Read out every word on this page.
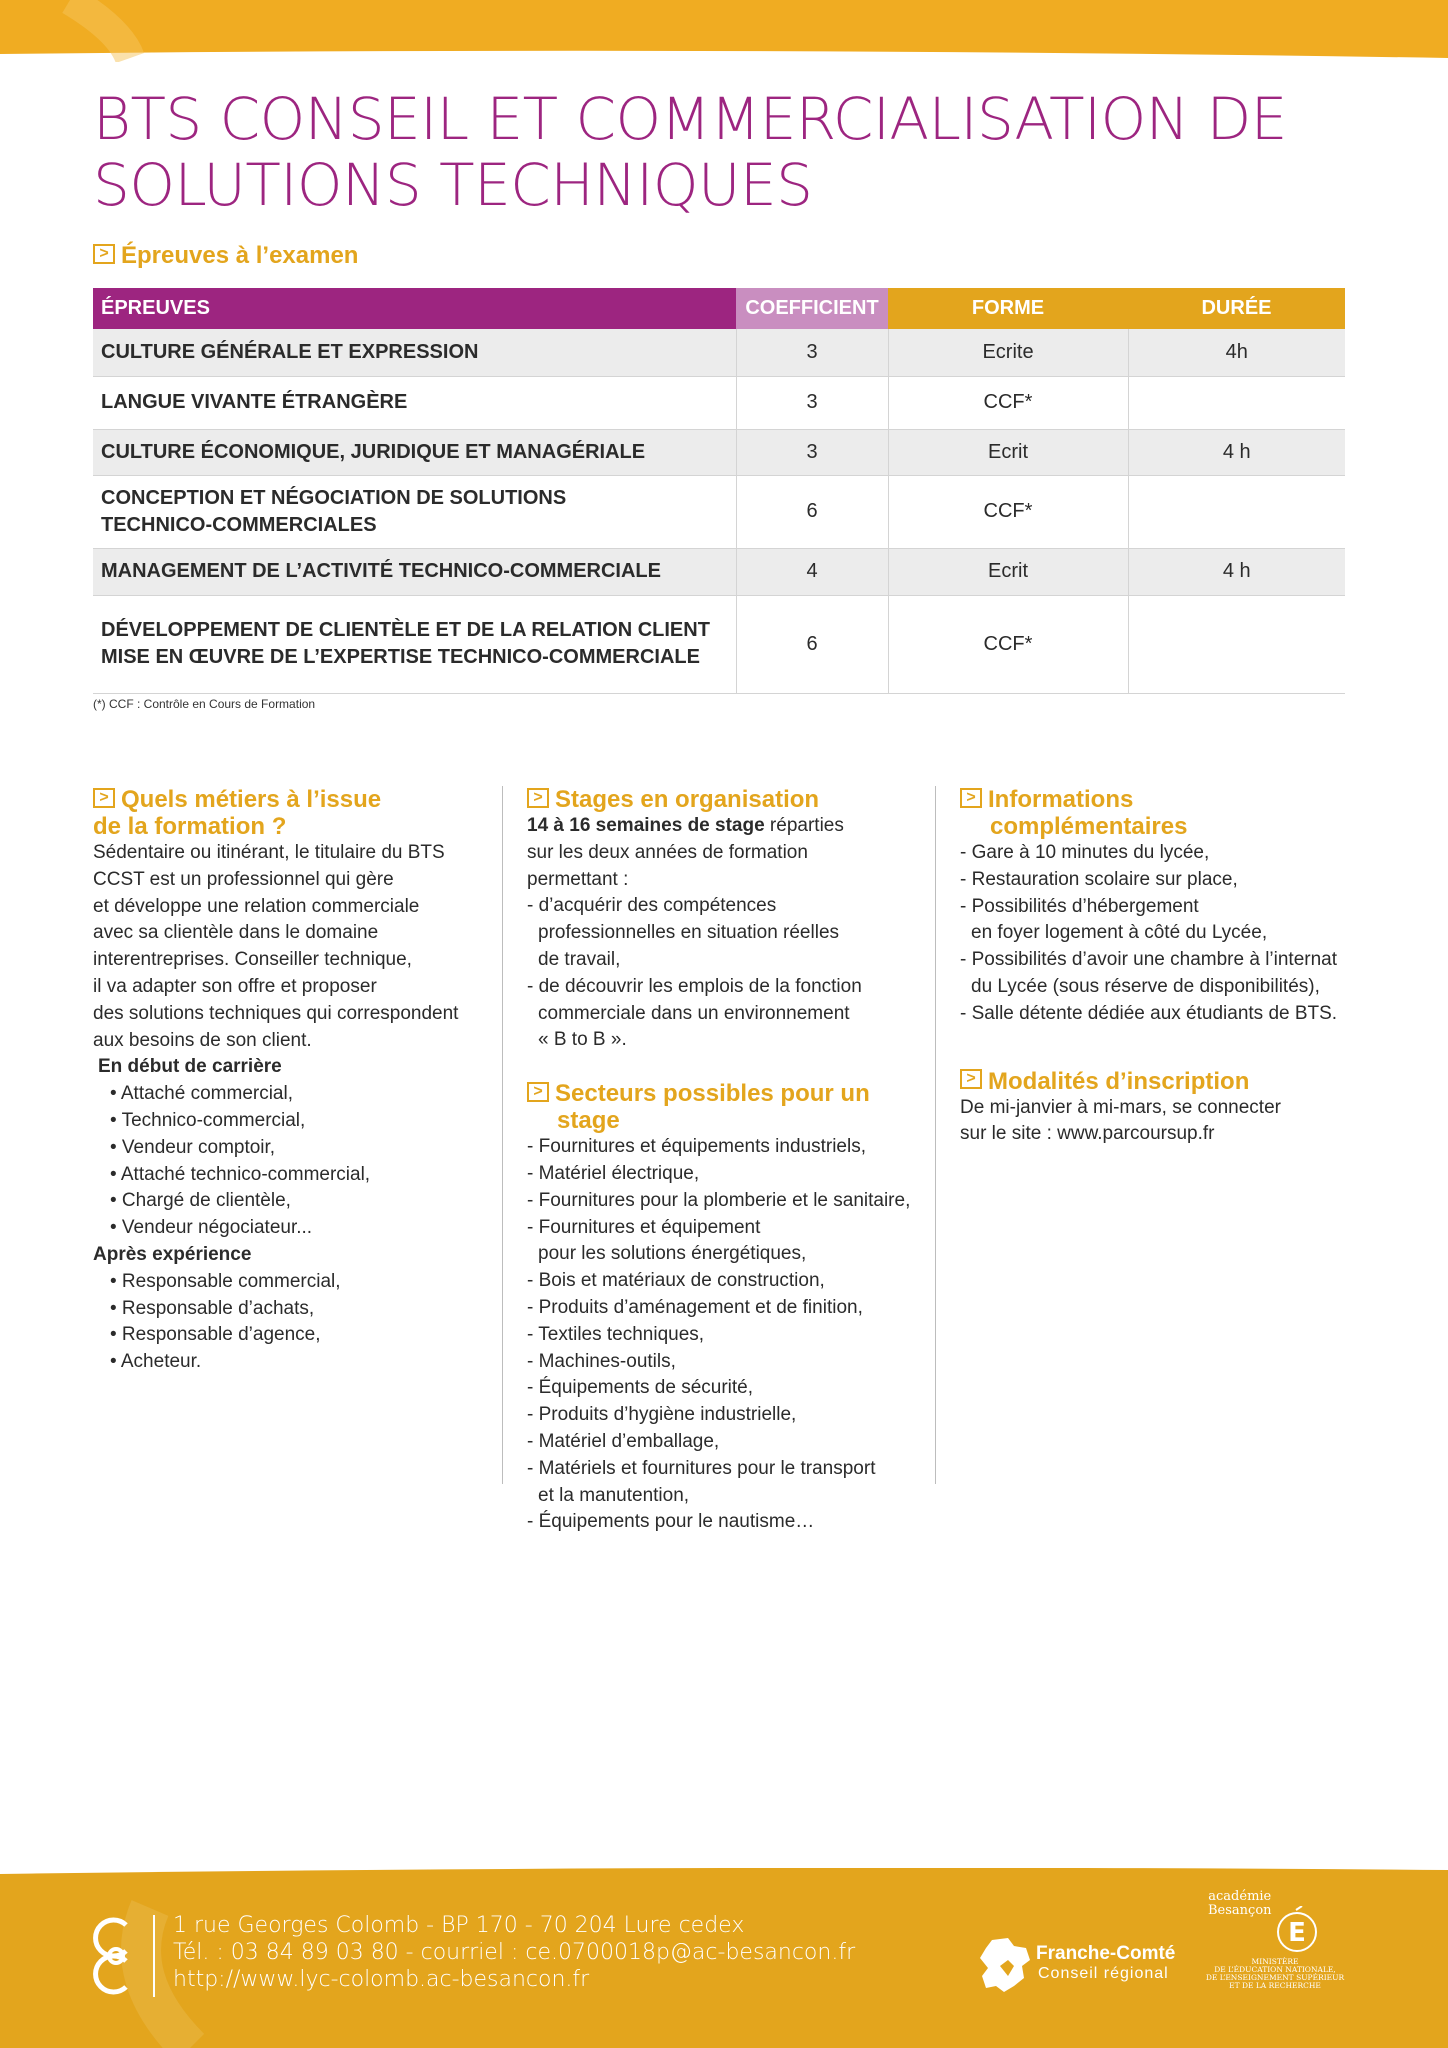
BTS CONSEIL ET COMMERCIALISATION DE
SOLUTIONS TECHNIQUES
> Épreuves à l’examen
ÉPREUVES	COEFFICIENT	FORME	DURÉE

CULTURE GÉNÉRALE ET EXPRESSION	3	Ecrite	4h

LANGUE VIVANTE ÉTRANGÈRE	3	CCF*	

CULTURE ÉCONOMIQUE, JURIDIQUE ET MANAGÉRIALE	3	Ecrit	4 h

CONCEPTION ET NÉGOCIATION DE SOLUTIONS
TECHNICO-COMMERCIALES	6	CCF*	

MANAGEMENT DE L’ACTIVITÉ TECHNICO-COMMERCIALE	4	Ecrit	4 h

DÉVELOPPEMENT DE CLIENTÈLE ET DE LA RELATION CLIENT
MISE EN ŒUVRE DE L’EXPERTISE TECHNICO-COMMERCIALE	6	CCF*	
(*) CCF : Contrôle en Cours de Formation
> Quels métiers à l’issue
de la formation ?

Sédentaire ou itinérant, le titulaire du BTS

CCST est un professionnel qui gère

et développe une relation commerciale

avec sa clientèle dans le domaine

interentreprises. Conseiller technique,

il va adapter son offre et proposer

des solutions techniques qui correspondent

aux besoins de son client.

En début de carrière

• Attaché commercial,
• Technico-commercial,
• Vendeur comptoir,
• Attaché technico-commercial,
• Chargé de clientèle,
• Vendeur négociateur...

Après expérience

• Responsable commercial,
• Responsable d’achats,
• Responsable d’agence,
• Acheteur.
> Stages en organisation

14 à 16 semaines de stage réparties

sur les deux années de formation

permettant :

- d’acquérir des compétences
professionnelles en situation réelles
de travail,
- de découvrir les emplois de la fonction
commerciale dans un environnement
« B to B ».
> Secteurs possibles pour un
stage
- Fournitures et équipements industriels,
- Matériel électrique,
- Fournitures pour la plomberie et le sanitaire,
- Fournitures et équipement
pour les solutions énergétiques,
- Bois et matériaux de construction,
- Produits d’aménagement et de finition,
- Textiles techniques,
- Machines-outils,
- Équipements de sécurité,
- Produits d’hygiène industrielle,
- Matériel d’emballage,
- Matériels et fournitures pour le transport
et la manutention,
- Équipements pour le nautisme…
> Informations
complémentaires
- Gare à 10 minutes du lycée,
- Restauration scolaire sur place,
- Possibilités d’hébergement
en foyer logement à côté du Lycée,
- Possibilités d’avoir une chambre à l’internat
du Lycée (sous réserve de disponibilités),
- Salle détente dédiée aux étudiants de BTS.
> Modalités d’inscription

De mi-janvier à mi-mars, se connecter

sur le site : www.parcoursup.fr

1 rue Georges Colomb - BP 170 - 70 204 Lure cedex
Tél. : 03 84 89 03 80 - courriel : ce.0700018p@ac-besancon.fr
http://www.lyc-colomb.ac-besancon.fr
Franche-Comté
Conseil régional
académie
Besançon
E
MINISTÈRE
DE L’ÉDUCATION NATIONALE,
DE L’ENSEIGNEMENT SUPÉRIEUR
ET DE LA RECHERCHE
